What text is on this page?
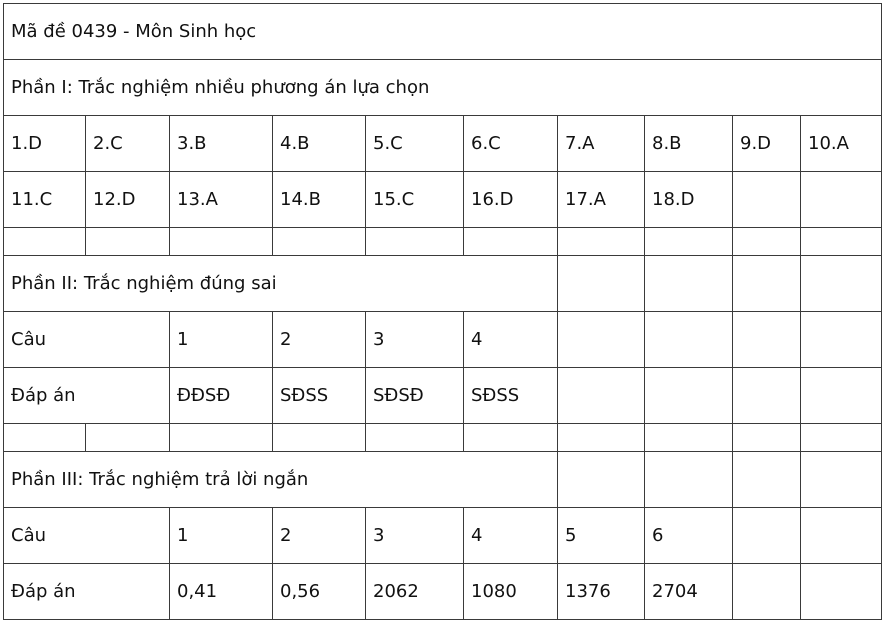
Mã đề 0439 - Môn Sinh học									
Phần I: Trắc nghiệm nhiều phương án lựa chọn									
1.D	2.C	3.B	4.B	5.C	6.C	7.A	8.B	9.D	10.A
11.C	12.D	13.A	14.B	15.C	16.D	17.A	18.D		

Phần II: Trắc nghiệm đúng sai									
Câu		1	2	3	4				
Đáp án		ĐĐSĐ	SĐSS	SĐSĐ	SĐSS				

Phần III: Trắc nghiệm trả lời ngắn									
Câu		1	2	3	4	5	6		
Đáp án		0,41	0,56	2062	1080	1376	2704		
